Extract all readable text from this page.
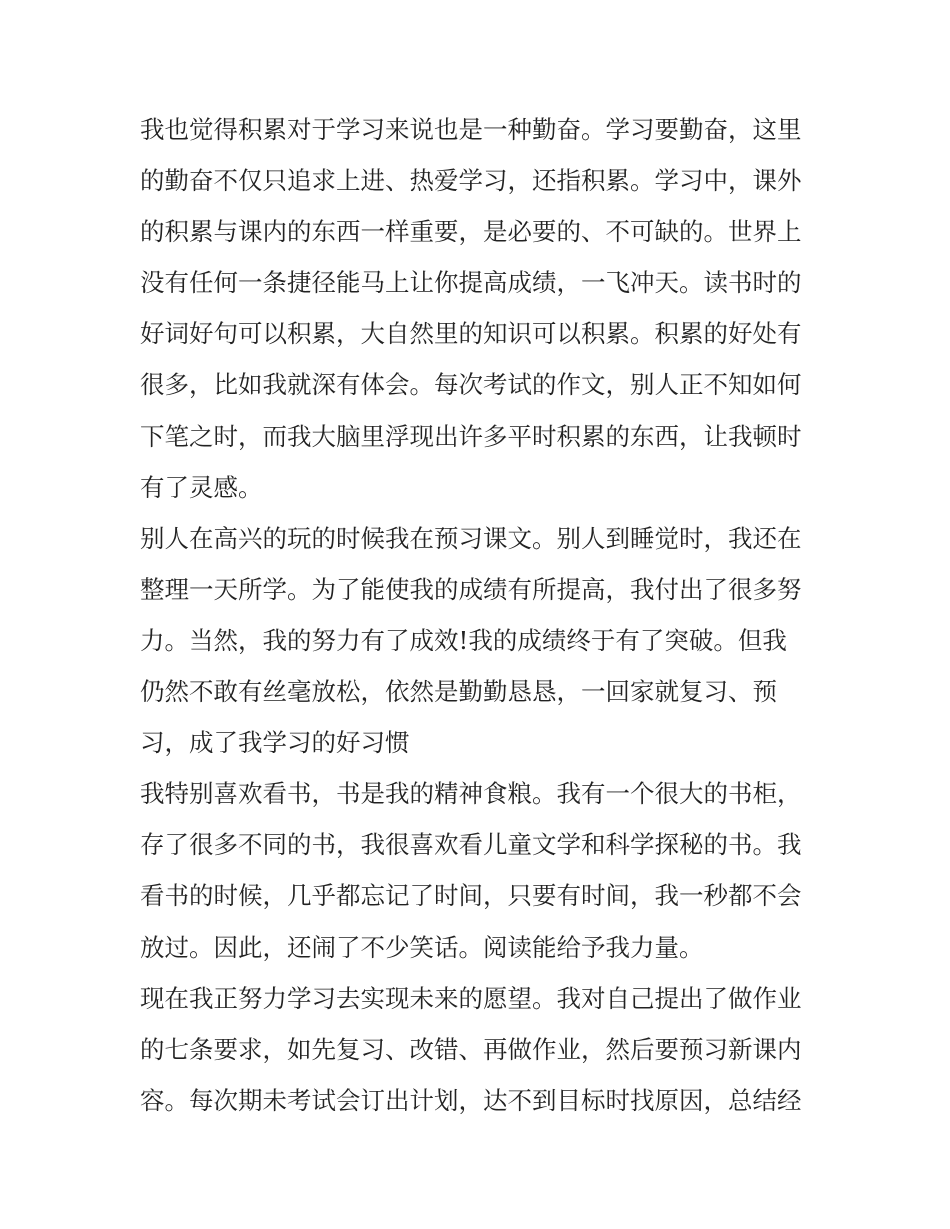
我也觉得积累对于学习来说也是一种勤奋。学习要勤奋，这里
的勤奋不仅只追求上进、热爱学习，还指积累。学习中，课外
的积累与课内的东西一样重要，是必要的、不可缺的。世界上
没有任何一条捷径能马上让你提高成绩，一飞冲天。读书时的
好词好句可以积累，大自然里的知识可以积累。积累的好处有
很多，比如我就深有体会。每次考试的作文，别人正不知如何
下笔之时，而我大脑里浮现出许多平时积累的东西，让我顿时
有了灵感。
别人在高兴的玩的时候我在预习课文。别人到睡觉时，我还在
整理一天所学。为了能使我的成绩有所提高，我付出了很多努
力。当然，我的努力有了成效!我的成绩终于有了突破。但我
仍然不敢有丝毫放松，依然是勤勤恳恳，一回家就复习、预
习，成了我学习的好习惯
我特别喜欢看书，书是我的精神食粮。我有一个很大的书柜，
存了很多不同的书，我很喜欢看儿童文学和科学探秘的书。我
看书的时候，几乎都忘记了时间，只要有时间，我一秒都不会
放过。因此，还闹了不少笑话。阅读能给予我力量。
现在我正努力学习去实现未来的愿望。我对自己提出了做作业
的七条要求，如先复习、改错、再做作业，然后要预习新课内
容。每次期未考试会订出计划，达不到目标时找原因，总结经
